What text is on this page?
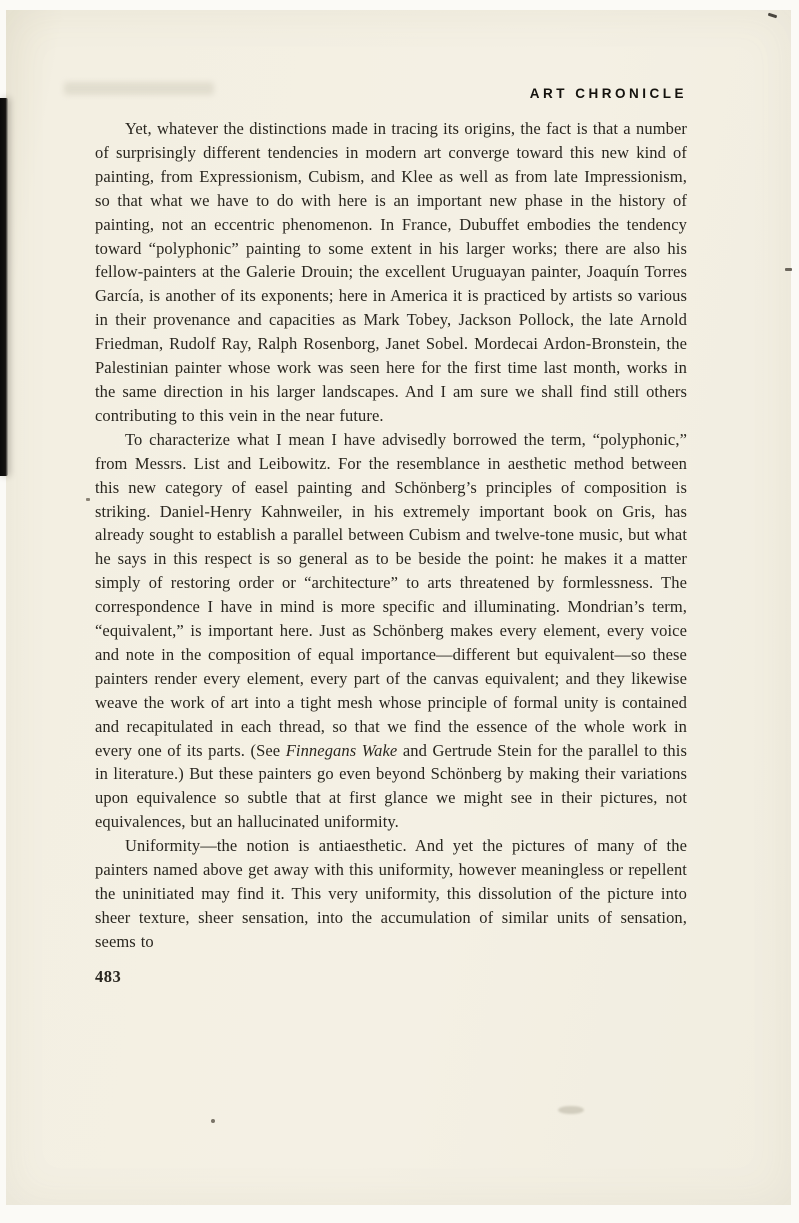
ART CHRONICLE

Yet, whatever the distinctions made in tracing its origins, the fact is that a number of surprisingly different tendencies in modern art converge toward this new kind of painting, from Expressionism, Cubism, and Klee as well as from late Impressionism, so that what we have to do with here is an important new phase in the history of painting, not an eccentric phenomenon. In France, Dubuffet embodies the tendency toward “polyphonic” painting to some extent in his larger works; there are also his fellow-painters at the Galerie Drouin; the excellent Uruguayan painter, Joaquín Torres García, is another of its exponents; here in America it is practiced by artists so various in their provenance and capacities as Mark Tobey, Jackson Pollock, the late Arnold Friedman, Rudolf Ray, Ralph Rosenborg, Janet Sobel. Mordecai Ardon-Bronstein, the Palestinian painter whose work was seen here for the first time last month, works in the same direction in his larger landscapes. And I am sure we shall find still others contributing to this vein in the near future.

To characterize what I mean I have advisedly borrowed the term, “polyphonic,” from Messrs. List and Leibowitz. For the resemblance in aesthetic method between this new category of easel painting and Schönberg’s principles of composition is striking. Daniel-Henry Kahnweiler, in his extremely important book on Gris, has already sought to establish a parallel between Cubism and twelve-tone music, but what he says in this respect is so general as to be beside the point: he makes it a matter simply of restoring order or “architecture” to arts threatened by formlessness. The correspondence I have in mind is more specific and illuminating. Mondrian’s term, “equivalent,” is important here. Just as Schönberg makes every element, every voice and note in the composition of equal importance—different but equivalent—so these painters render every element, every part of the canvas equivalent; and they likewise weave the work of art into a tight mesh whose principle of formal unity is contained and recapitulated in each thread, so that we find the essence of the whole work in every one of its parts. (See Finnegans Wake and Gertrude Stein for the parallel to this in literature.) But these painters go even beyond Schönberg by making their variations upon equivalence so subtle that at first glance we might see in their pictures, not equivalences, but an hallucinated uniformity.

Uniformity—the notion is antiaesthetic. And yet the pictures of many of the painters named above get away with this uniformity, however meaningless or repellent the uninitiated may find it. This very uniformity, this dissolution of the picture into sheer texture, sheer sensation, into the accumulation of similar units of sensation, seems to

483
